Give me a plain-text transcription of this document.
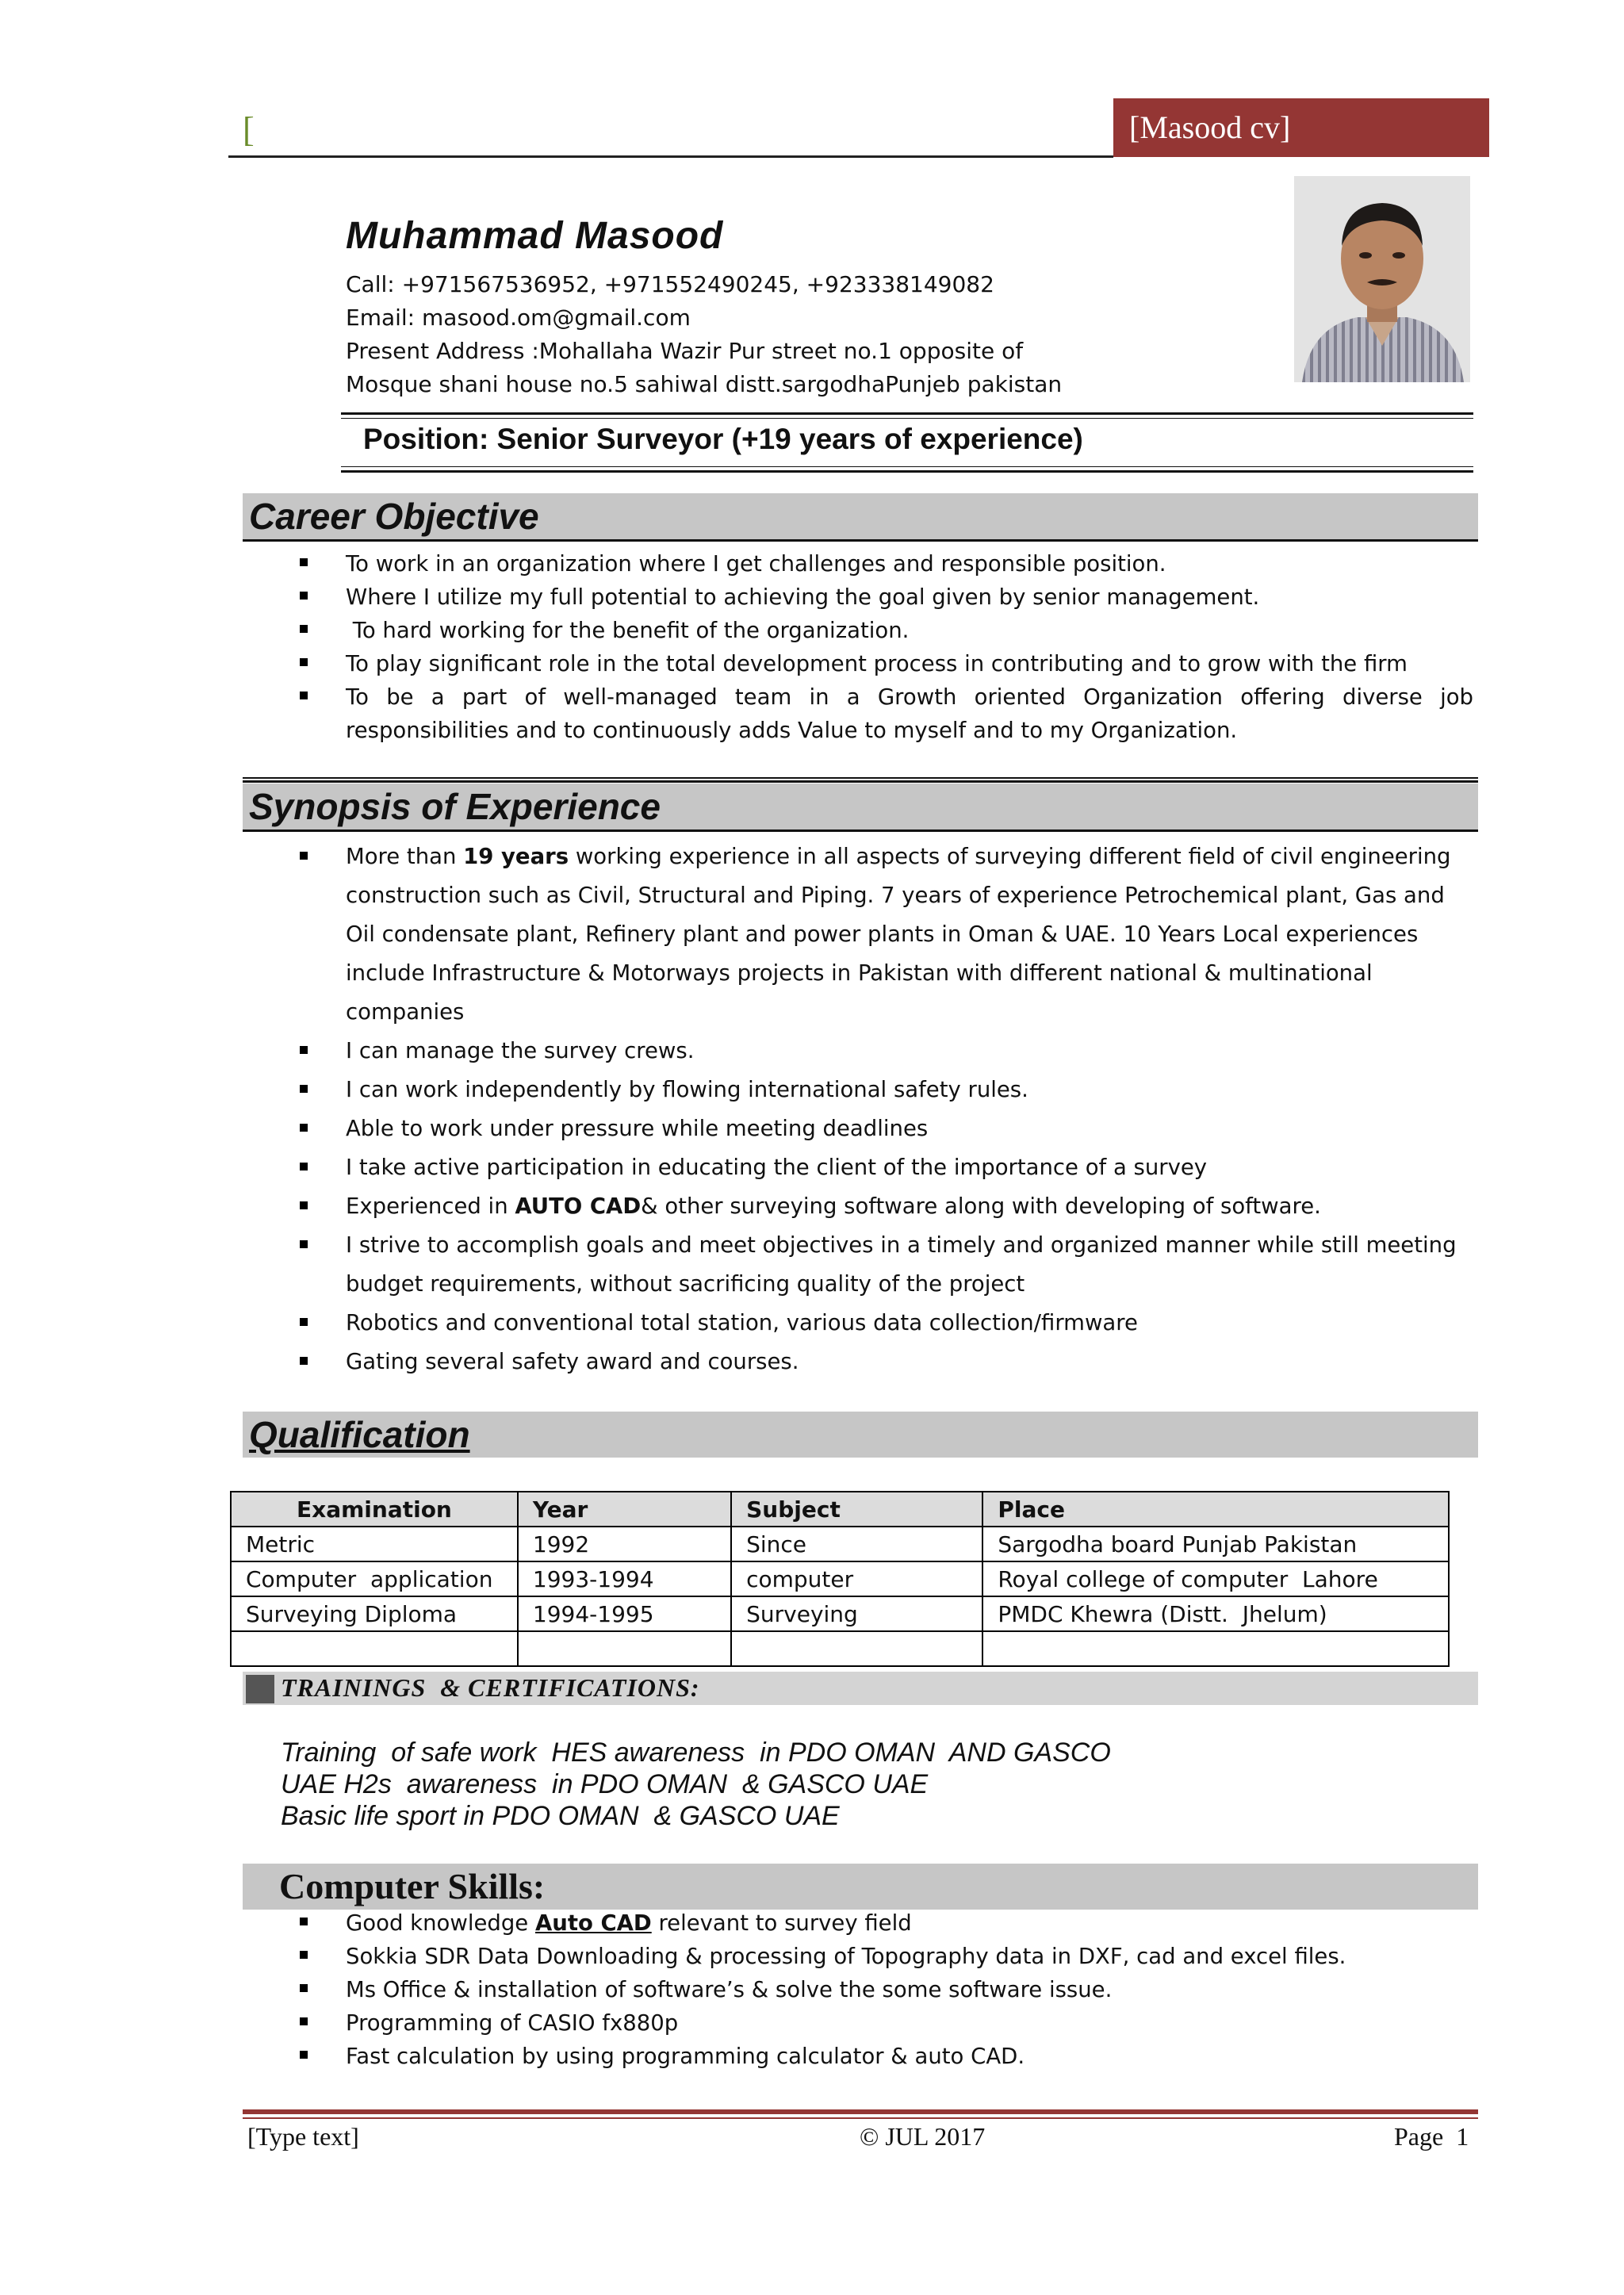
[	[Masood cv]
Muhammad Masood
Call: +971567536952, +971552490245, +923338149082
Email: masood.om@gmail.com
Present Address :Mohallaha Wazir Pur street no.1 opposite of
Mosque shani house no.5 sahiwal distt.sargodhaPunjeb pakistan
Position: Senior Surveyor (+19 years of experience)
Career Objective
To work in an organization where I get challenges and responsible position.
Where I utilize my full potential to achieving the goal given by senior management.
To hard working for the benefit of the organization.
To play significant role in the total development process in contributing and to grow with the firm
To be a part of well-managed team in a Growth oriented Organization offering diverse job responsibilities and to continuously adds Value to myself and to my Organization.
Synopsis of Experience
More than 19 years working experience in all aspects of surveying different field of civil engineering construction such as Civil, Structural and Piping. 7 years of experience Petrochemical plant, Gas and Oil condensate plant, Refinery plant and power plants in Oman & UAE. 10 Years Local experiences include Infrastructure & Motorways projects in Pakistan with different national & multinational companies
I can manage the survey crews.
I can work independently by flowing international safety rules.
Able to work under pressure while meeting deadlines
I take active participation in educating the client of the importance of a survey
Experienced in AUTO CAD& other surveying software along with developing of software.
I strive to accomplish goals and meet objectives in a timely and organized manner while still meeting budget requirements, without sacrificing quality of the project
Robotics and conventional total station, various data collection/firmware
Gating several safety award and courses.
Qualification
Examination	Year	Subject	Place
Metric	1992	Since	Sargodha board Punjab Pakistan
Computer  application	1993-1994	computer	Royal college of computer  Lahore
Surveying Diploma	1994-1995	Surveying	PMDC Khewra (Distt.  Jhelum)

TRAININGS  & CERTIFICATIONS:
Training  of safe work  HES awareness  in PDO OMAN  AND GASCO
UAE H2s  awareness  in PDO OMAN  & GASCO UAE
Basic life sport in PDO OMAN  & GASCO UAE
Computer Skills:
Good knowledge Auto CAD relevant to survey field
Sokkia SDR Data Downloading & processing of Topography data in DXF, cad and excel files.
Ms Office & installation of software’s & solve the some software issue.
Programming of CASIO fx880p
Fast calculation by using programming calculator & auto CAD.
[Type text]	© JUL 2017	Page  1
